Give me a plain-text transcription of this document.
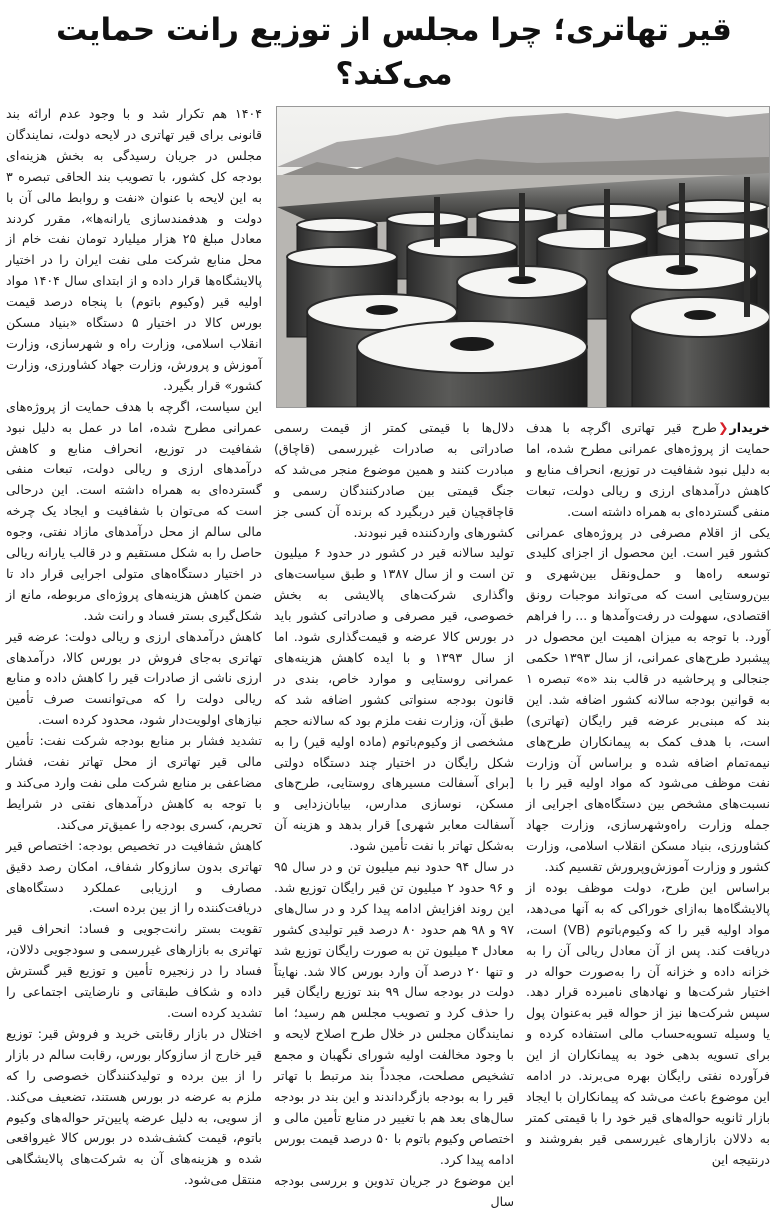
قیر تهاتری؛ چرا مجلس از توزیع رانت حمایت می‌کند؟

خریدار❮طرح قیر تهاتری اگرچه با هدف حمایت از پروژه‌های عمرانی مطرح شده، اما به دلیل نبود شفافیت در توزیع، انحراف منابع و کاهش درآمدهای ارزی و ریالی دولت، تبعات منفی گسترده‌ای به همراه داشته است.

یکی از اقلام مصرفی در پروژه‌های عمرانی کشور قیر است. این محصول از اجزای کلیدی توسعه راه‌ها و حمل‌ونقل بین‌شهری و بین‌روستایی است که می‌تواند موجبات رونق اقتصادی، سهولت در رفت‌وآمدها و ... را فراهم آورد. با توجه به میزان اهمیت این محصول در پیشبرد طرح‌های عمرانی، از سال ۱۳۹۳ حکمی جنجالی و پرحاشیه در قالب بند «ه» تبصره ۱ به قوانین بودجه سالانه کشور اضافه شد. این بند که مبنی‌بر عرضه قیر رایگان (تهاتری) است، با هدف کمک به پیمانکاران طرح‌های نیمه‌تمام اضافه شده و براساس آن وزارت نفت موظف می‌شود که مواد اولیه قیر را با نسبت‌های مشخص بین دستگاه‌های اجرایی از جمله وزارت راه‌وشهرسازی، وزارت جهاد کشاورزی، بنیاد مسکن انقلاب اسلامی، وزارت کشور و وزارت آموزش‌وپرورش تقسیم کند.

براساس این طرح، دولت موظف بوده از پالایشگاه‌ها به‌ازای خوراکی که به آنها می‌دهد، مواد اولیه قیر را که وکیوم‌باتوم (VB) است، دریافت کند. پس از آن معادل ریالی آن را به خزانه داده و خزانه آن را به‌صورت حواله در اختیار شرکت‌ها و نهادهای نامبرده قرار دهد. سپس شرکت‌ها نیز از حواله قیر به‌عنوان پول یا وسیله تسویه‌حساب مالی استفاده کرده و برای تسویه بدهی خود به پیمانکاران از این فرآورده نفتی رایگان بهره می‌برند. در ادامه این موضوع باعث می‌شد که پیمانکاران با ایجاد بازار ثانویه حواله‌های قیر خود را با قیمتی کمتر به دلالان بازارهای غیررسمی قیر بفروشند و درنتیجه این

دلال‌ها با قیمتی کمتر از قیمت رسمی صادراتی به صادرات غیررسمی (قاچاق) مبادرت کنند و همین موضوع منجر می‌شد که جنگ قیمتی بین صادرکنندگان رسمی و قاچاقچیان قیر دربگیرد که برنده آن کسی جز کشورهای واردکننده قیر نبودند.

تولید سالانه قیر در کشور در حدود ۶ میلیون تن است و از سال ۱۳۸۷ و طبق سیاست‌های واگذاری شرکت‌های پالایشی به بخش خصوصی، قیر مصرفی و صادراتی کشور باید در بورس کالا عرضه و قیمت‌گذاری شود. اما از سال ۱۳۹۳ و با ایده کاهش هزینه‌های عمرانی روستایی و موارد خاص، بندی در قانون بودجه سنواتی کشور اضافه شد که طبق آن، وزارت نفت ملزم بود که سالانه حجم مشخصی از وکیوم‌باتوم (ماده اولیه قیر) را به شکل رایگان در اختیار چند دستگاه دولتی [برای آسفالت مسیرهای روستایی، طرح‌های مسکن، نوسازی مدارس، بیابان‌زدایی و آسفالت معابر شهری] قرار بدهد و هزینه آن به‌شکل تهاتر با نفت تأمین شود.

در سال ۹۴ حدود نیم میلیون تن و در سال ۹۵ و ۹۶ حدود ۲ میلیون تن قیر رایگان توزیع شد. این روند افزایش ادامه پیدا کرد و در سال‌های ۹۷ و ۹۸ هم حدود ۸۰ درصد قیر تولیدی کشور معادل ۴ میلیون تن به صورت رایگان توزیع شد و تنها ۲۰ درصد آن وارد بورس کالا شد. نهایتاً دولت در بودجه سال ۹۹ بند توزیع رایگان قیر را حذف کرد و تصویب مجلس هم رسید؛ اما نمایندگان مجلس در خلال طرح اصلاح لایحه و با وجود مخالفت اولیه شورای نگهبان و مجمع تشخیص مصلحت، مجدداً بند مرتبط با تهاتر قیر را به بودجه بازگرداندند و این بند در بودجه سال‌های بعد هم با تغییر در منابع تأمین مالی و اختصاص وکیوم باتوم با ۵۰ درصد قیمت بورس ادامه پیدا کرد.

این موضوع در جریان تدوین و بررسی بودجه سال

۱۴۰۴ هم تکرار شد و با وجود عدم ارائه بند قانونی برای قیر تهاتری در لایحه دولت، نمایندگان مجلس در جریان رسیدگی به بخش هزینه‌ای بودجه کل کشور، با تصویب بند الحاقی تبصره ۳ به این لایحه با عنوان «نفت و روابط مالی آن با دولت و هدفمندسازی یارانه‌ها»، مقرر کردند معادل مبلغ ۲۵ هزار میلیارد تومان نفت خام از محل منابع شرکت ملی نفت ایران را در اختیار پالایشگاه‌ها قرار داده و از ابتدای سال ۱۴۰۴ مواد اولیه قیر (وکیوم باتوم) با پنجاه درصد قیمت بورس کالا در اختیار ۵ دستگاه «بنیاد مسکن انقلاب اسلامی، وزارت راه و شهرسازی، وزارت آموزش و پرورش، وزارت جهاد کشاورزی، وزارت کشور» قرار بگیرد.

این سیاست، اگرچه با هدف حمایت از پروژه‌های عمرانی مطرح شده، اما در عمل به دلیل نبود شفافیت در توزیع، انحراف منابع و کاهش درآمدهای ارزی و ریالی دولت، تبعات منفی گسترده‌ای به همراه داشته است. این درحالی است که می‌توان با شفافیت و ایجاد یک چرخه مالی سالم از محل درآمدهای مازاد نفتی، وجوه حاصل را به شکل مستقیم و در قالب یارانه ریالی در اختیار دستگاه‌های متولی اجرایی قرار داد تا ضمن کاهش هزینه‌های پروژه‌ای مربوطه، مانع از شکل‌گیری بستر فساد و رانت شد.

کاهش درآمدهای ارزی و ریالی دولت: عرضه قیر تهاتری به‌جای فروش در بورس کالا، درآمدهای ارزی ناشی از صادرات قیر را کاهش داده و منابع ریالی دولت را که می‌توانست صرف تأمین نیازهای اولویت‌دار شود، محدود کرده است.

تشدید فشار بر منابع بودجه شرکت نفت: تأمین مالی قیر تهاتری از محل تهاتر نفت، فشار مضاعفی بر منابع شرکت ملی نفت وارد می‌کند و با توجه به کاهش درآمدهای نفتی در شرایط تحریم، کسری بودجه را عمیق‌تر می‌کند.

کاهش شفافیت در تخصیص بودجه: اختصاص قیر تهاتری بدون سازوکار شفاف، امکان رصد دقیق مصارف و ارزیابی عملکرد دستگاه‌های دریافت‌کننده را از بین برده است.

تقویت بستر رانت‌جویی و فساد: انحراف قیر تهاتری به بازارهای غیررسمی و سودجویی دلالان، فساد را در زنجیره تأمین و توزیع قیر گسترش داده و شکاف طبقاتی و نارضایتی اجتماعی را تشدید کرده است.

اختلال در بازار رقابتی خرید و فروش قیر: توزیع قیر خارج از سازوکار بورس، رقابت سالم در بازار را از بین برده و تولیدکنندگان خصوصی را که ملزم به عرضه در بورس هستند، تضعیف می‌کند. از سویی، به دلیل عرضه پایین‌تر حواله‌های وکیوم باتوم، قیمت کشف‌شده در بورس کالا غیرواقعی شده و هزینه‌های آن به شرکت‌های پالایشگاهی منتقل می‌شود.
